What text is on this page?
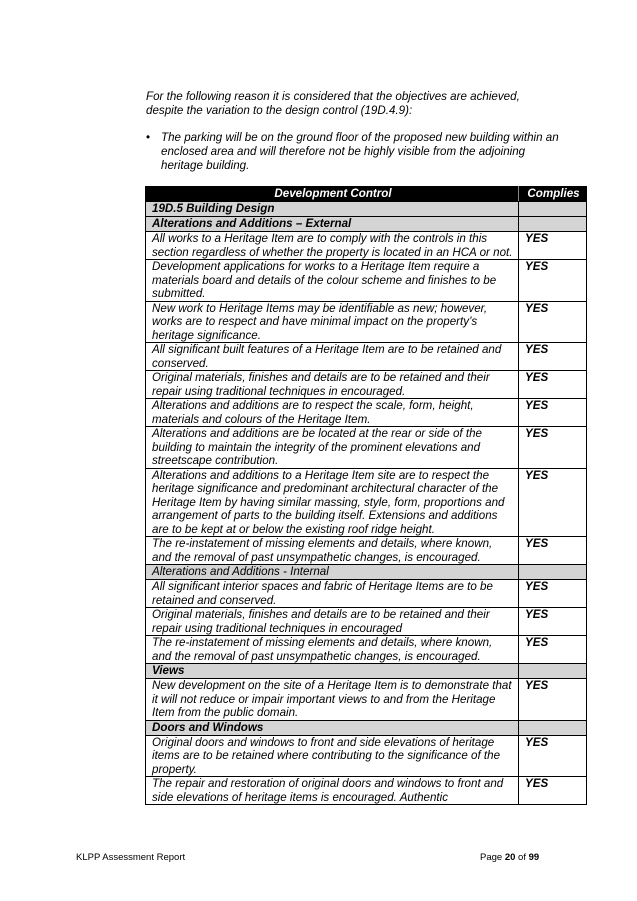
For the following reason it is considered that the objectives are achieved, despite the variation to the design control (19D.4.9):
• The parking will be on the ground floor of the proposed new building within an enclosed area and will therefore not be highly visible from the adjoining heritage building.
Development Control	Complies
19D.5 Building Design	
Alterations and Additions – External	
All works to a Heritage Item are to comply with the controls in this section regardless of whether the property is located in an HCA or not.	YES
Development applications for works to a Heritage Item require a materials board and details of the colour scheme and finishes to be submitted.	YES
New work to Heritage Items may be identifiable as new; however, works are to respect and have minimal impact on the property’s heritage significance.	YES
All significant built features of a Heritage Item are to be retained and conserved.	YES
Original materials, finishes and details are to be retained and their repair using traditional techniques in encouraged.	YES
Alterations and additions are to respect the scale, form, height, materials and colours of the Heritage Item.	YES
Alterations and additions are be located at the rear or side of the building to maintain the integrity of the prominent elevations and streetscape contribution.	YES
Alterations and additions to a Heritage Item site are to respect the heritage significance and predominant architectural character of the Heritage Item by having similar massing, style, form, proportions and arrangement of parts to the building itself. Extensions and additions are to be kept at or below the existing roof ridge height.	YES
The re-instatement of missing elements and details, where known, and the removal of past unsympathetic changes, is encouraged.	YES
Alterations and Additions - Internal	
All significant interior spaces and fabric of Heritage Items are to be retained and conserved.	YES
Original materials, finishes and details are to be retained and their repair using traditional techniques in encouraged	YES
The re-instatement of missing elements and details, where known, and the removal of past unsympathetic changes, is encouraged.	YES
Views	
New development on the site of a Heritage Item is to demonstrate that it will not reduce or impair important views to and from the Heritage Item from the public domain.	YES
Doors and Windows	
Original doors and windows to front and side elevations of heritage items are to be retained where contributing to the significance of the property.	YES
The repair and restoration of original doors and windows to front and side elevations of heritage items is encouraged. Authentic	YES
KLPP Assessment Report	Page 20 of 99
